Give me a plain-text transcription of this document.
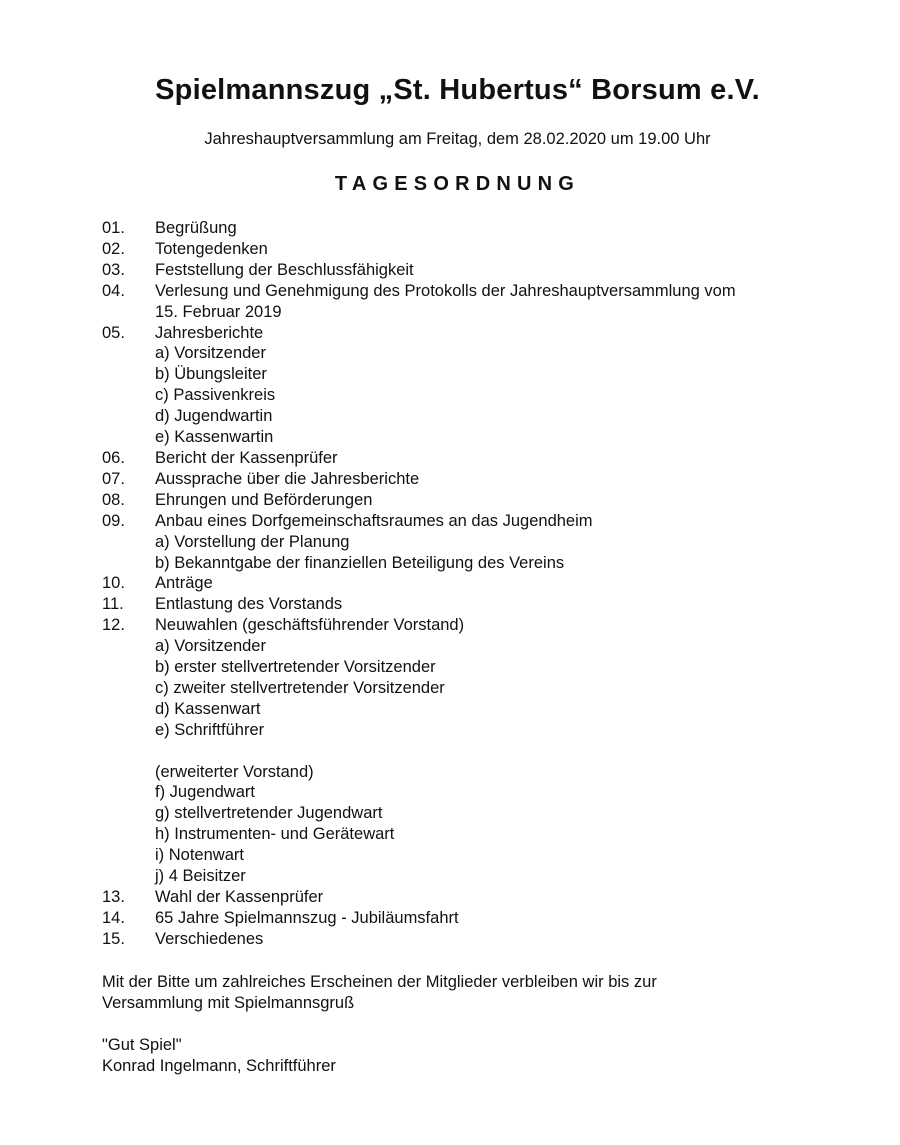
Spielmannszug „St. Hubertus“ Borsum e.V.
Jahreshauptversammlung am Freitag, dem 28.02.2020 um 19.00 Uhr
TAGESORDNUNG
01.	Begrüßung
02.	Totengedenken
03.	Feststellung der Beschlussfähigkeit
04.	Verlesung und Genehmigung des Protokolls der Jahreshauptversammlung vom
15. Februar 2019
05.	Jahresberichte
a) Vorsitzender
b) Übungsleiter
c) Passivenkreis
d) Jugendwartin
e) Kassenwartin
06.	Bericht der Kassenprüfer
07.	Aussprache über die Jahresberichte
08.	Ehrungen und Beförderungen
09.	Anbau eines Dorfgemeinschaftsraumes an das Jugendheim
a) Vorstellung der Planung
b) Bekanntgabe der finanziellen Beteiligung des Vereins
10.	Anträge
11.	Entlastung des Vorstands
12.	Neuwahlen (geschäftsführender Vorstand)
a) Vorsitzender
b) erster stellvertretender Vorsitzender
c) zweiter stellvertretender Vorsitzender
d) Kassenwart
e) Schriftführer
(erweiterter Vorstand)
f) Jugendwart
g) stellvertretender Jugendwart
h) Instrumenten- und Gerätewart
i) Notenwart
j) 4 Beisitzer
13.	Wahl der Kassenprüfer
14.	65 Jahre Spielmannszug - Jubiläumsfahrt
15.	Verschiedenes
Mit der Bitte um zahlreiches Erscheinen der Mitglieder verbleiben wir bis zur
Versammlung mit Spielmannsgruß
"Gut Spiel"
Konrad Ingelmann, Schriftführer
